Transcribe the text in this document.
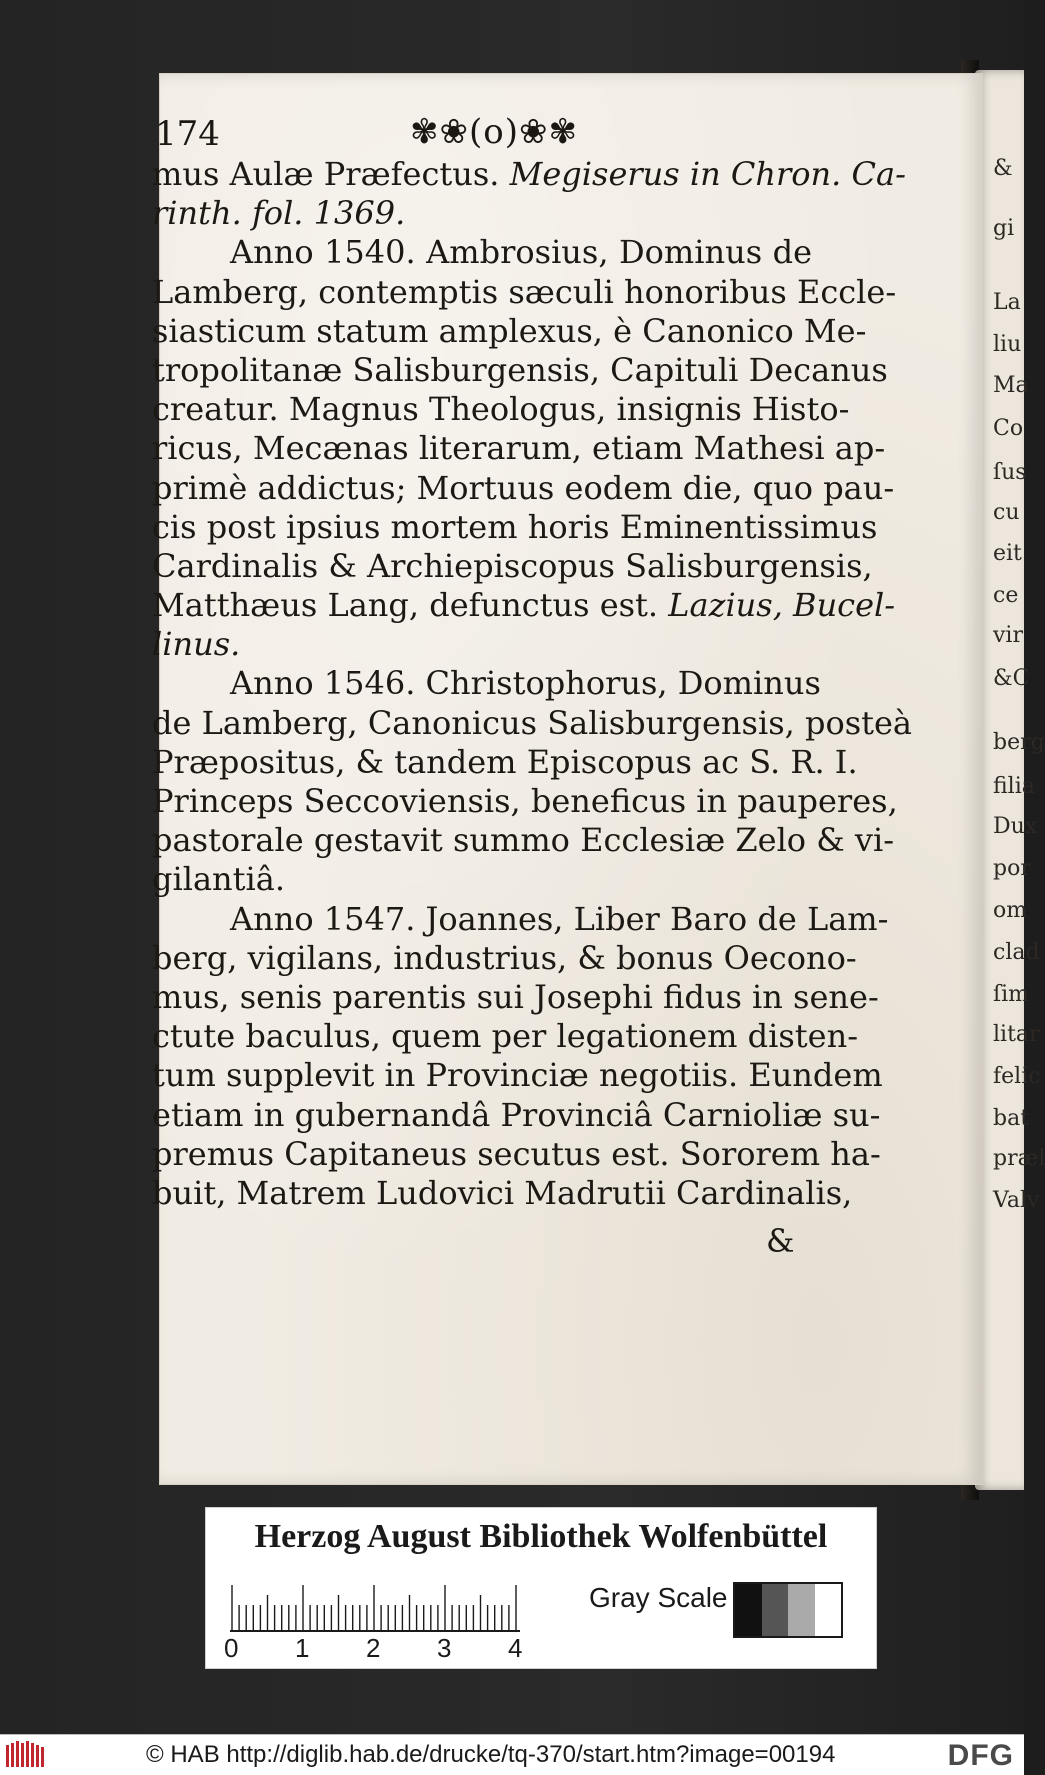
&
gi
La
liu
Ma
Co
ſus
cu
eit
ce
vir
&C
berg
filia
Dux
por
om
clad
ſim
litar
felic
bat
præl
Valv
174	✾❀(o)❀✾
mus Aulæ Præfectus. Megiserus in Chron. Ca-
rinth. fol. 1369.
Anno 1540. Ambrosius, Dominus de
Lamberg, contemptis sæculi honoribus Eccle-
siasticum statum amplexus, è Canonico Me-
tropolitanæ Salisburgensis, Capituli Decanus
creatur. Magnus Theologus, insignis Histo-
ricus, Mecænas literarum, etiam Mathesi ap-
primè addictus; Mortuus eodem die, quo pau-
cis post ipsius mortem horis Eminentissimus
Cardinalis & Archiepiscopus Salisburgensis,
Matthæus Lang, defunctus est. Lazius, Bucel-
linus.
Anno 1546. Christophorus, Dominus
de Lamberg, Canonicus Salisburgensis, posteà
Præpositus, & tandem Episcopus ac S. R. I.
Princeps Seccoviensis, beneficus in pauperes,
pastorale gestavit summo Ecclesiæ Zelo & vi-
gilantiâ.
Anno 1547. Joannes, Liber Baro de Lam-
berg, vigilans, industrius, & bonus Oecono-
mus, senis parentis sui Josephi fidus in sene-
ctute baculus, quem per legationem disten-
tum supplevit in Provinciæ negotiis. Eundem
etiam in gubernandâ Provinciâ Carnioliæ su-
premus Capitaneus secutus est. Sororem ha-
buit, Matrem Ludovici Madrutii Cardinalis,
&
Herzog August Bibliothek Wolfenbüttel
0 1 2 3 4
Gray Scale
© HAB http://diglib.hab.de/drucke/tq-370/start.htm?image=00194	DFG
